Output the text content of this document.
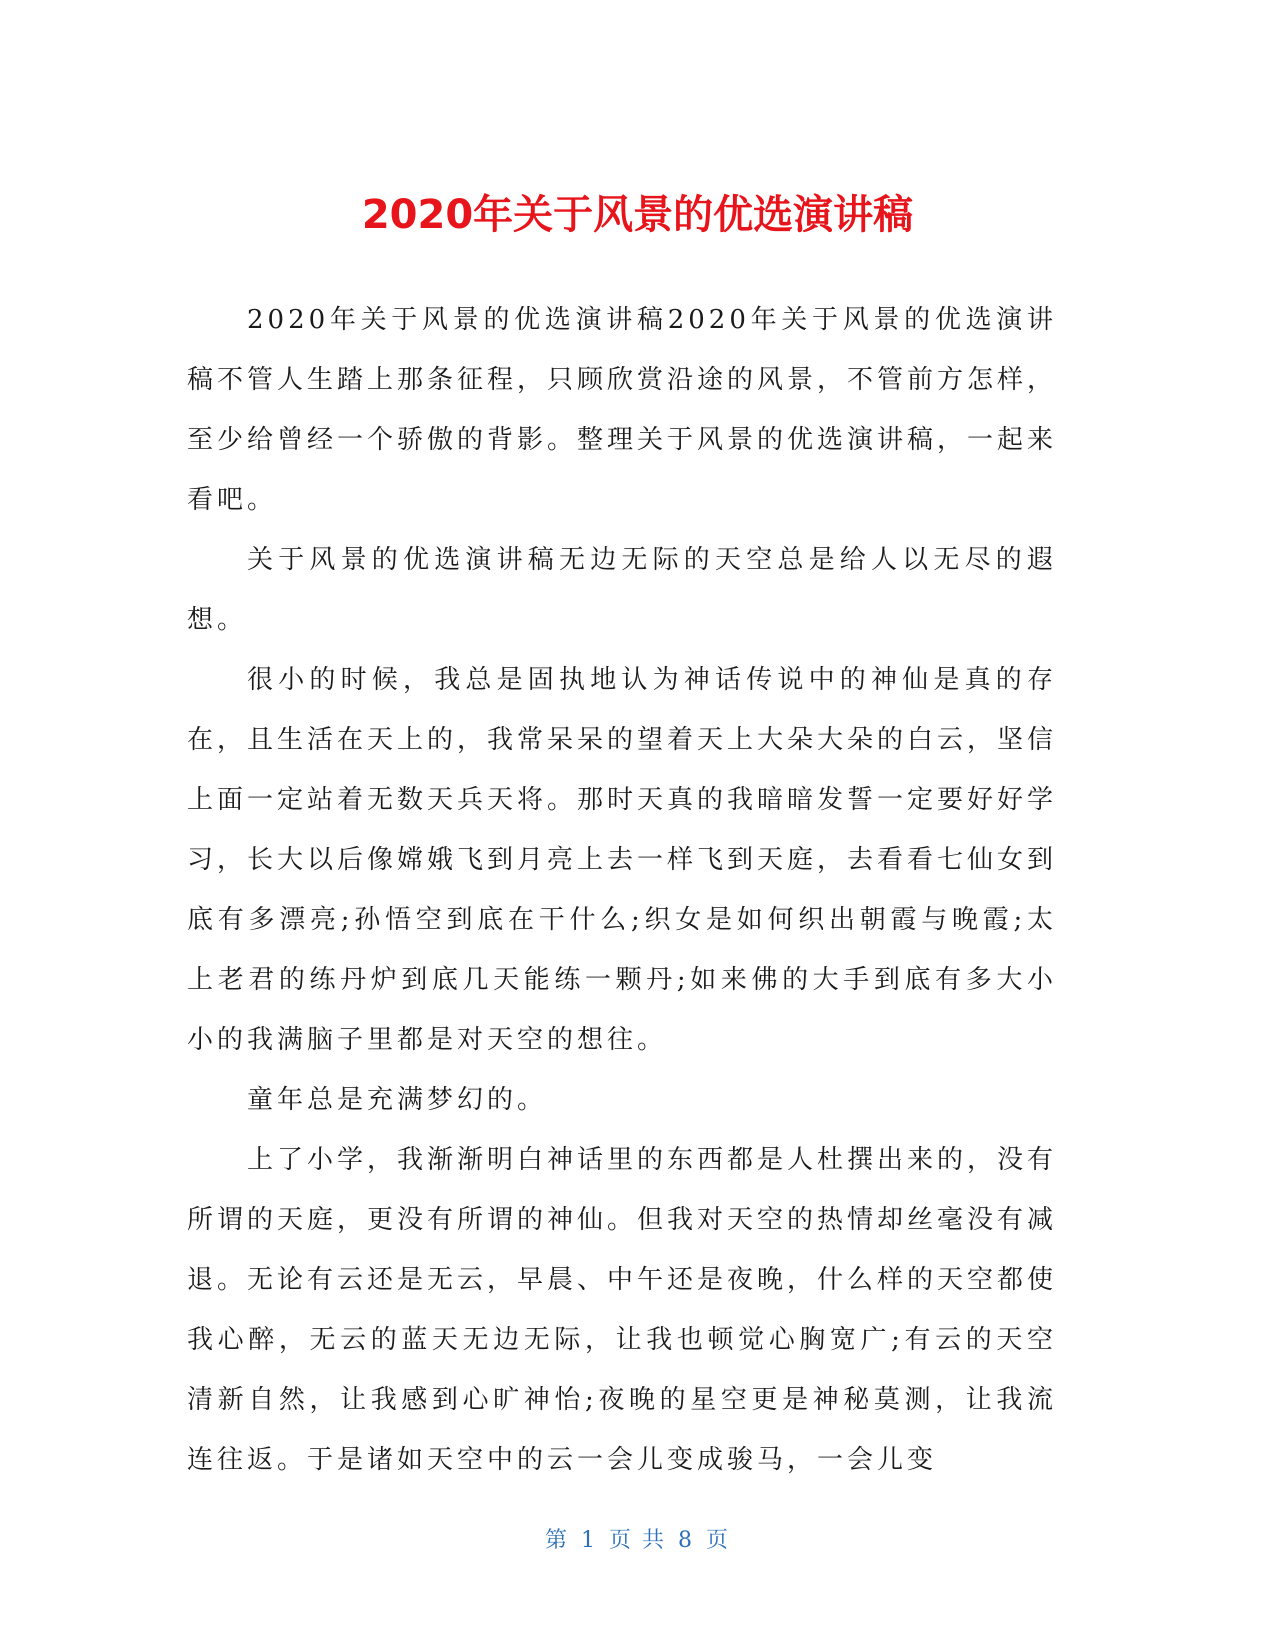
2020年关于风景的优选演讲稿

2020年关于风景的优选演讲稿2020年关于风景的优选演讲稿不管人生踏上那条征程，只顾欣赏沿途的风景，不管前方怎样，至少给曾经一个骄傲的背影。整理关于风景的优选演讲稿，一起来看吧。

关于风景的优选演讲稿无边无际的天空总是给人以无尽的遐想。

很小的时候，我总是固执地认为神话传说中的神仙是真的存在，且生活在天上的，我常呆呆的望着天上大朵大朵的白云，坚信上面一定站着无数天兵天将。那时天真的我暗暗发誓一定要好好学习，长大以后像嫦娥飞到月亮上去一样飞到天庭，去看看七仙女到底有多漂亮;孙悟空到底在干什么;织女是如何织出朝霞与晚霞;太上老君的练丹炉到底几天能练一颗丹;如来佛的大手到底有多大小小的我满脑子里都是对天空的想往。

童年总是充满梦幻的。

上了小学，我渐渐明白神话里的东西都是人杜撰出来的，没有所谓的天庭，更没有所谓的神仙。但我对天空的热情却丝毫没有减退。无论有云还是无云，早晨、中午还是夜晚，什么样的天空都使我心醉，无云的蓝天无边无际，让我也顿觉心胸宽广;有云的天空清新自然，让我感到心旷神怡;夜晚的星空更是神秘莫测，让我流连往返。于是诸如天空中的云一会儿变成骏马，一会儿变

第 1 页 共 8 页
